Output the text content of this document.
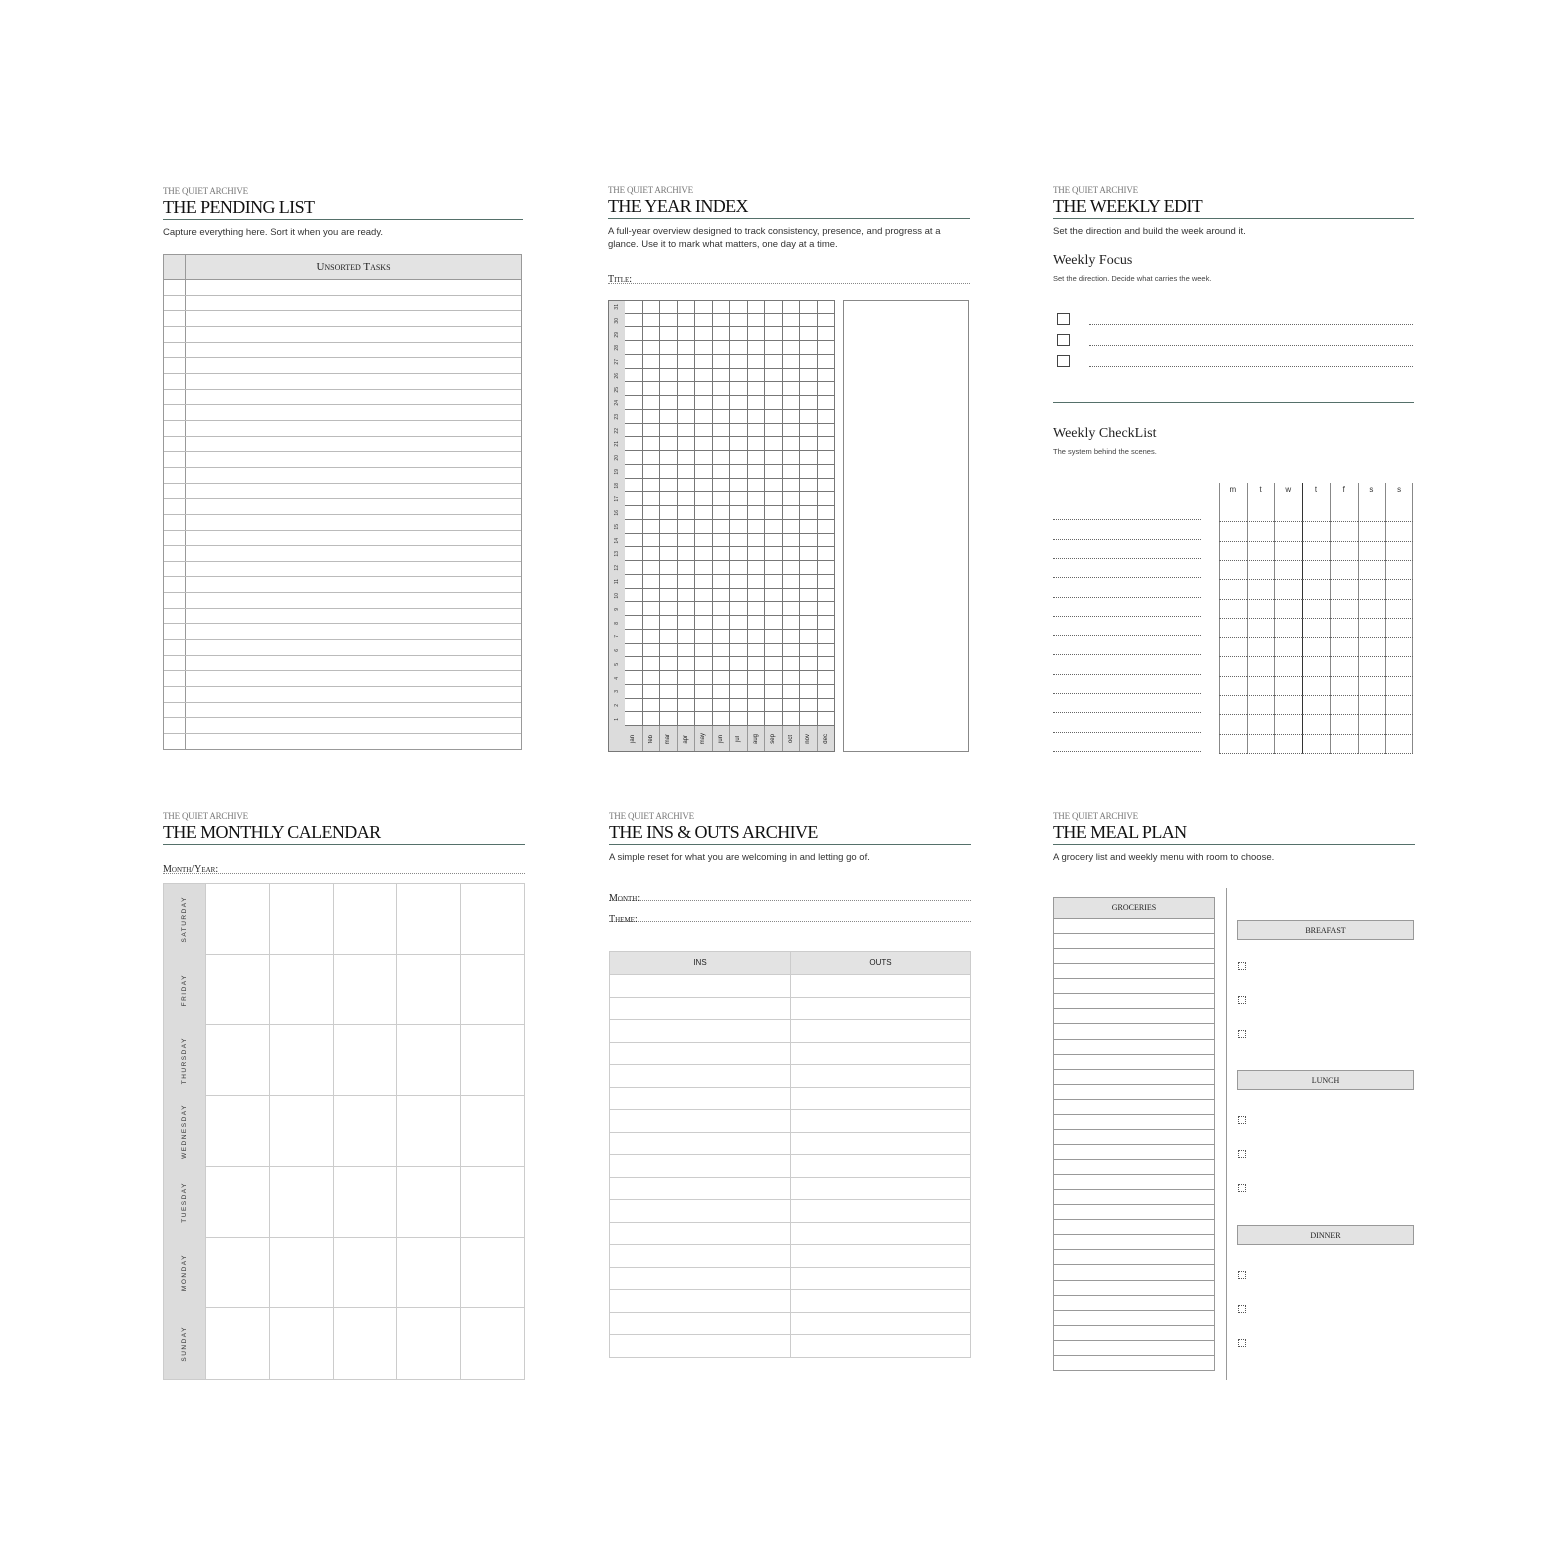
THE QUIET ARCHIVE
THE PENDING LIST
Capture everything here. Sort it when you are ready.
Unsorted Tasks
THE QUIET ARCHIVE
THE YEAR INDEX
A full-year overview designed to track consistency, presence, and progress at a glance. Use it to mark what matters, one day at a time.
Title:
31
30
29
28
27
26
25
24
23
22
21
20
19
18
17
16
15
14
13
12
11
10
9
8
7
6
5
4
3
2
1
jan feb mar apr may jun jul aug sep oct nov dec
THE QUIET ARCHIVE
THE WEEKLY EDIT
Set the direction and build the week around it.
Weekly Focus
Set the direction. Decide what carries the week.
Weekly CheckList
The system behind the scenes.
m	t	w	t	f	s	s
THE QUIET ARCHIVE
THE MONTHLY CALENDAR
Month/Year:
SATURDAY
FRIDAY
THURSDAY
WEDNESDAY
TUESDAY
MONDAY
SUNDAY
THE QUIET ARCHIVE
THE INS & OUTS ARCHIVE
A simple reset for what you are welcoming in and letting go of.
Month:
Theme:
INS	OUTS
THE QUIET ARCHIVE
THE MEAL PLAN
A grocery list and weekly menu with room to choose.
GROCERIES
BREAFAST
LUNCH
DINNER
